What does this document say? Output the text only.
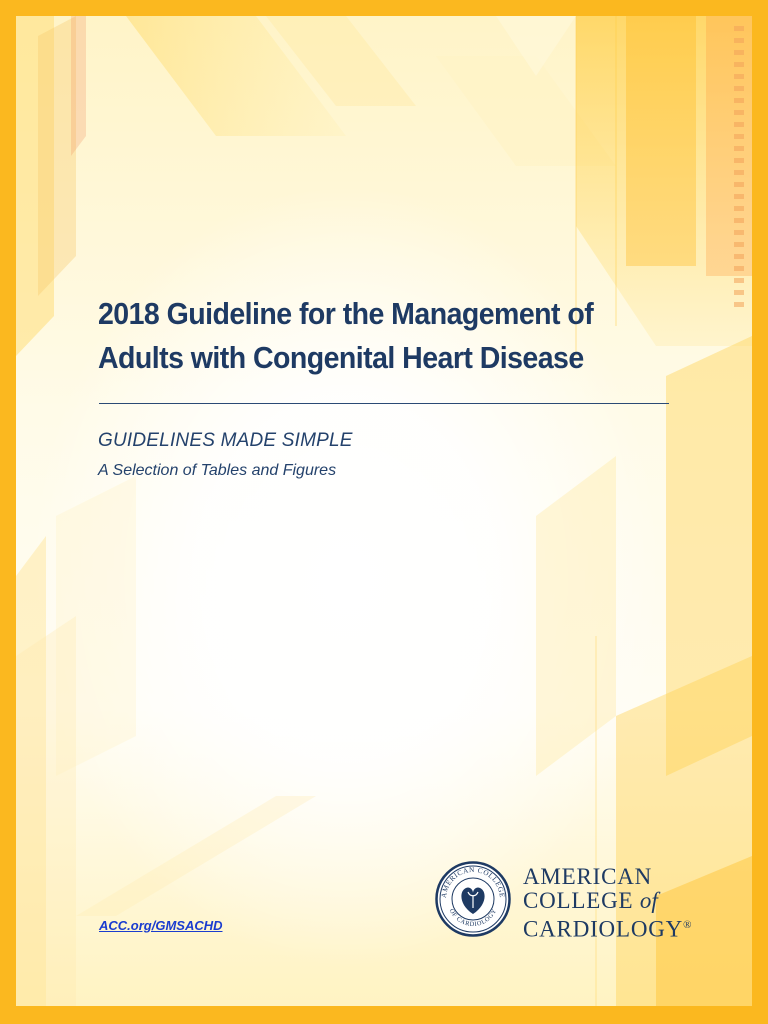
2018 Guideline for the Management of
Adults with Congenital Heart Disease

GUIDELINES MADE SIMPLE

A Selection of Tables and Figures

ACC.org/GMSACHD
AMERICAN COLLEGE
OF CARDIOLOGY
AMERICAN
COLLEGE of
CARDIOLOGY®
